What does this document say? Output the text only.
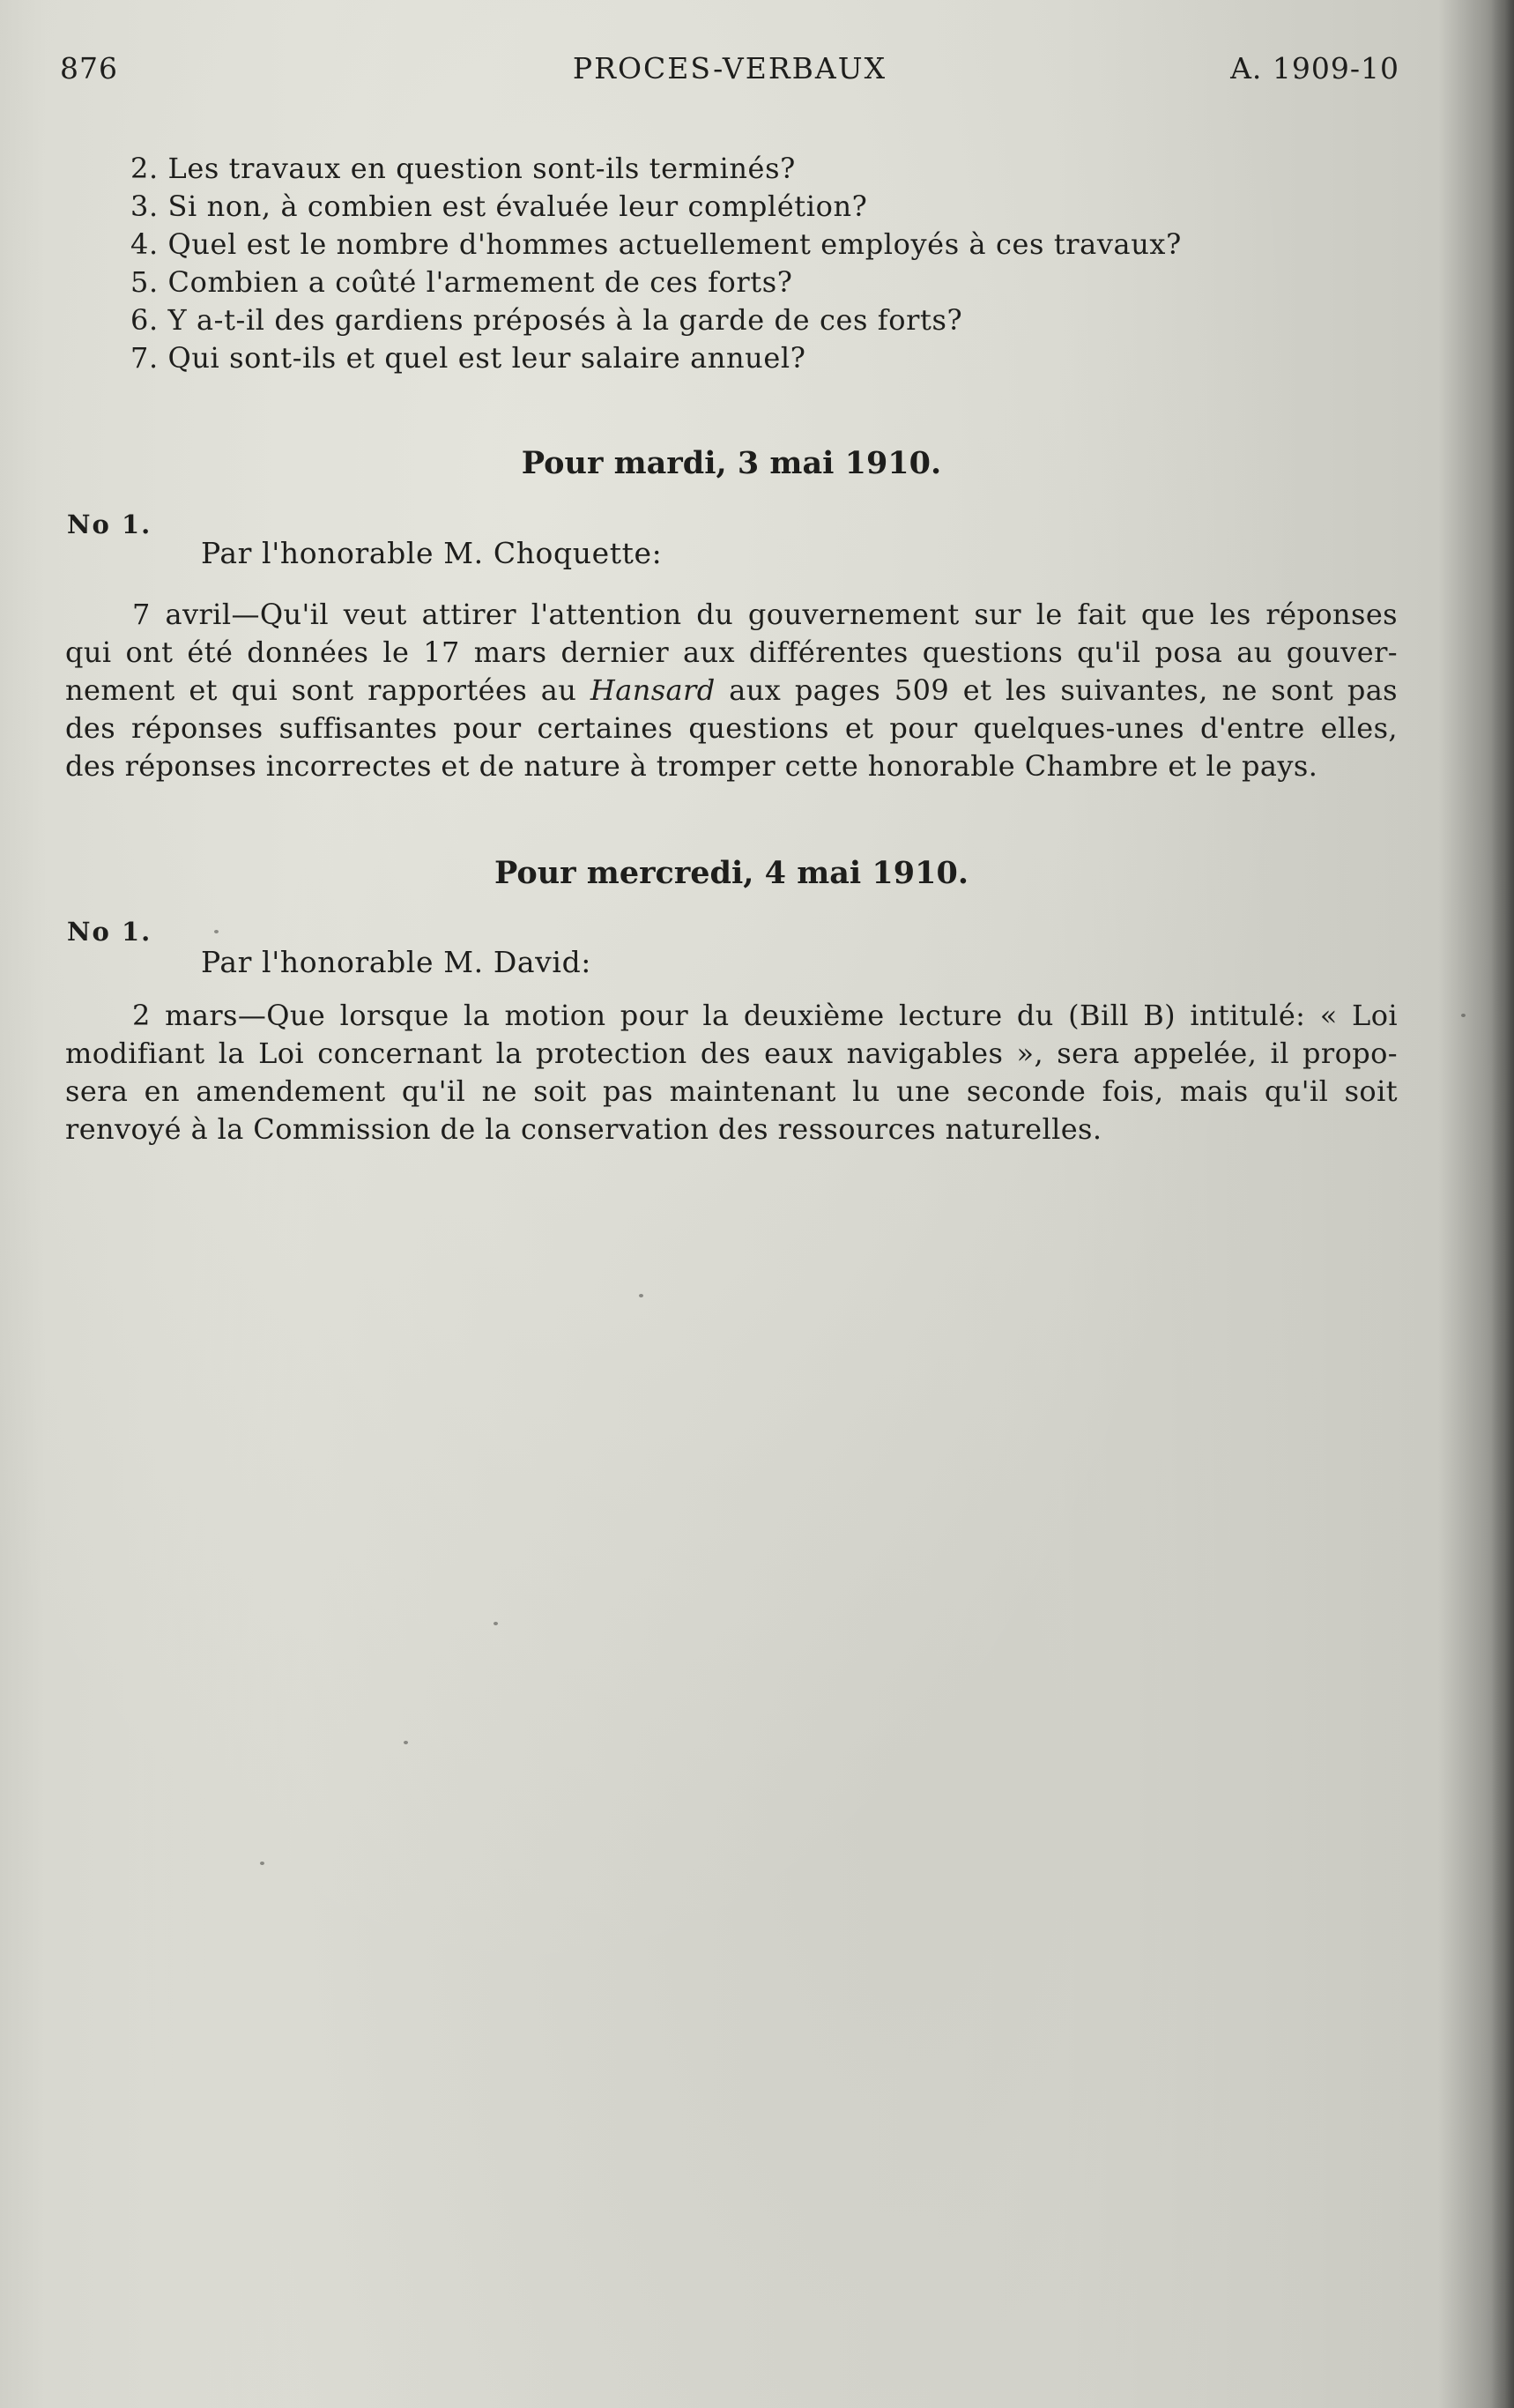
876	PROCES-VERBAUX	A. 1909-10
2. Les travaux en question sont-ils terminés?
3. Si non, à combien est évaluée leur complétion?
4. Quel est le nombre d'hommes actuellement employés à ces travaux?
5. Combien a coûté l'armement de ces forts?
6. Y a-t-il des gardiens préposés à la garde de ces forts?
7. Qui sont-ils et quel est leur salaire annuel?
Pour mardi, 3 mai 1910.
No 1.
Par l'honorable M. Choquette:
7 avril—Qu'il veut attirer l'attention du gouvernement sur le fait que les réponses
qui ont été données le 17 mars dernier aux différentes questions qu'il posa au gouver-
nement et qui sont rapportées au Hansard aux pages 509 et les suivantes, ne sont pas
des réponses suffisantes pour certaines questions et pour quelques-unes d'entre elles,
des réponses incorrectes et de nature à tromper cette honorable Chambre et le pays.
Pour mercredi, 4 mai 1910.
No 1.
Par l'honorable M. David:
2 mars—Que lorsque la motion pour la deuxième lecture du (Bill B) intitulé: « Loi
modifiant la Loi concernant la protection des eaux navigables », sera appelée, il propo-
sera en amendement qu'il ne soit pas maintenant lu une seconde fois, mais qu'il soit
renvoyé à la Commission de la conservation des ressources naturelles.
